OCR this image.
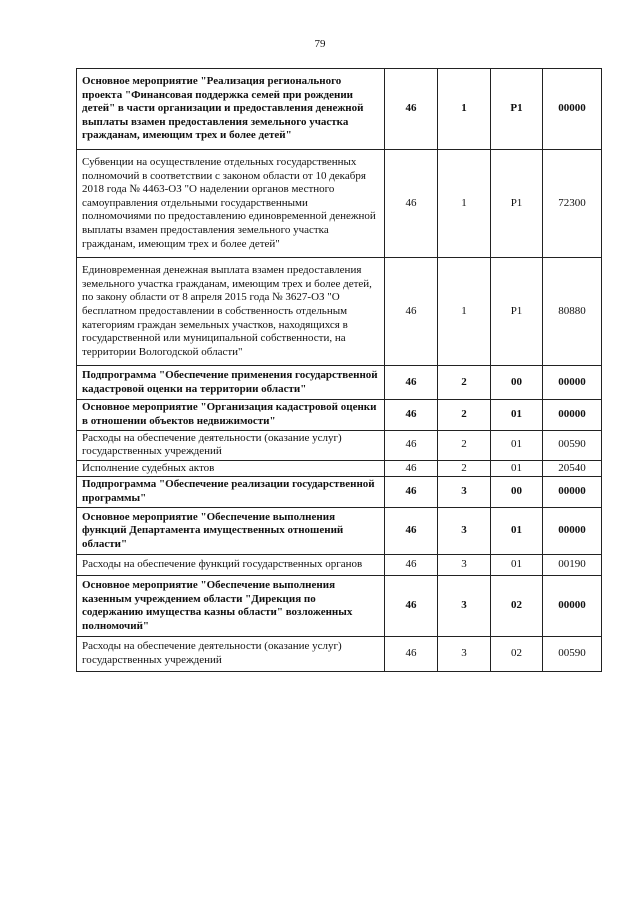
79
Основное мероприятие "Реализация регионального проекта "Финансовая поддержка семей при рождении детей" в части организации и предоставления денежной выплаты взамен предоставления земельного участка гражданам, имеющим трех и более детей"	46	1	P1	00000
Субвенции на осуществление отдельных государственных полномочий в соответствии с законом области от 10 декабря 2018 года № 4463-ОЗ "О наделении органов местного самоуправления отдельными государственными полномочиями по предоставлению единовременной денежной выплаты взамен предоставления земельного участка гражданам, имеющим трех и более детей"	46	1	P1	72300
Единовременная денежная выплата взамен предоставления земельного участка гражданам, имеющим трех и более детей, по закону области от 8 апреля 2015 года № 3627-ОЗ "О бесплатном предоставлении в собственность отдельным категориям граждан земельных участков, находящихся в государственной или муниципальной собственности, на территории Вологодской области"	46	1	P1	80880
Подпрограмма "Обеспечение применения государственной кадастровой оценки на территории области"	46	2	00	00000
Основное мероприятие "Организация кадастровой оценки в отношении объектов недвижимости"	46	2	01	00000
Расходы на обеспечение деятельности (оказание услуг) государственных учреждений	46	2	01	00590
Исполнение судебных актов	46	2	01	20540
Подпрограмма "Обеспечение реализации государственной программы"	46	3	00	00000
Основное мероприятие "Обеспечение выполнения функций Департамента имущественных отношений области"	46	3	01	00000
Расходы на обеспечение функций государственных органов	46	3	01	00190
Основное мероприятие "Обеспечение выполнения казенным учреждением области "Дирекция по содержанию имущества казны области" возложенных полномочий"	46	3	02	00000
Расходы на обеспечение деятельности (оказание услуг) государственных учреждений	46	3	02	00590
